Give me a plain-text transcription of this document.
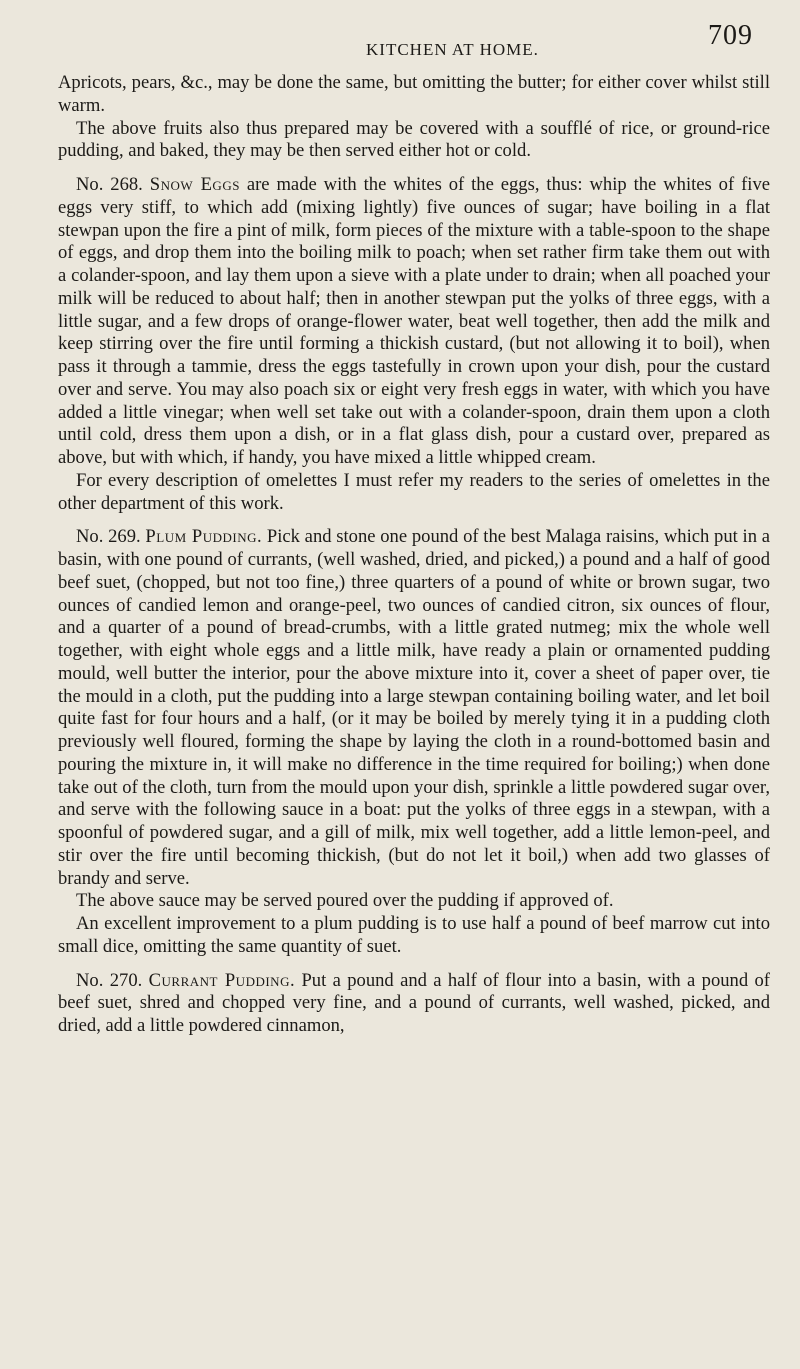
KITCHEN AT HOME.	709

Apricots, pears, &c., may be done the same, but omitting the butter; for either cover whilst still warm.

The above fruits also thus prepared may be covered with a soufflé of rice, or ground-rice pudding, and baked, they may be then served either hot or cold.

No. 268. Snow Eggs are made with the whites of the eggs, thus: whip the whites of five eggs very stiff, to which add (mixing lightly) five ounces of sugar; have boiling in a flat stewpan upon the fire a pint of milk, form pieces of the mixture with a table-spoon to the shape of eggs, and drop them into the boiling milk to poach; when set rather firm take them out with a colander-spoon, and lay them upon a sieve with a plate under to drain; when all poached your milk will be reduced to about half; then in another stewpan put the yolks of three eggs, with a little sugar, and a few drops of orange-flower water, beat well together, then add the milk and keep stirring over the fire until forming a thickish custard, (but not allowing it to boil), when pass it through a tammie, dress the eggs tastefully in crown upon your dish, pour the custard over and serve. You may also poach six or eight very fresh eggs in water, with which you have added a little vinegar; when well set take out with a colander-spoon, drain them upon a cloth until cold, dress them upon a dish, or in a flat glass dish, pour a custard over, prepared as above, but with which, if handy, you have mixed a little whipped cream.

For every description of omelettes I must refer my readers to the series of omelettes in the other department of this work.

No. 269. Plum Pudding. Pick and stone one pound of the best Malaga raisins, which put in a basin, with one pound of currants, (well washed, dried, and picked,) a pound and a half of good beef suet, (chopped, but not too fine,) three quarters of a pound of white or brown sugar, two ounces of candied lemon and orange-peel, two ounces of candied citron, six ounces of flour, and a quarter of a pound of bread-crumbs, with a little grated nutmeg; mix the whole well together, with eight whole eggs and a little milk, have ready a plain or ornamented pudding mould, well butter the interior, pour the above mixture into it, cover a sheet of paper over, tie the mould in a cloth, put the pudding into a large stewpan containing boiling water, and let boil quite fast for four hours and a half, (or it may be boiled by merely tying it in a pudding cloth previously well floured, forming the shape by laying the cloth in a round-bottomed basin and pouring the mixture in, it will make no difference in the time required for boiling;) when done take out of the cloth, turn from the mould upon your dish, sprinkle a little powdered sugar over, and serve with the following sauce in a boat: put the yolks of three eggs in a stewpan, with a spoonful of powdered sugar, and a gill of milk, mix well together, add a little lemon-peel, and stir over the fire until becoming thickish, (but do not let it boil,) when add two glasses of brandy and serve.

The above sauce may be served poured over the pudding if approved of.

An excellent improvement to a plum pudding is to use half a pound of beef marrow cut into small dice, omitting the same quantity of suet.

No. 270. Currant Pudding. Put a pound and a half of flour into a basin, with a pound of beef suet, shred and chopped very fine, and a pound of currants, well washed, picked, and dried, add a little powdered cinnamon,
